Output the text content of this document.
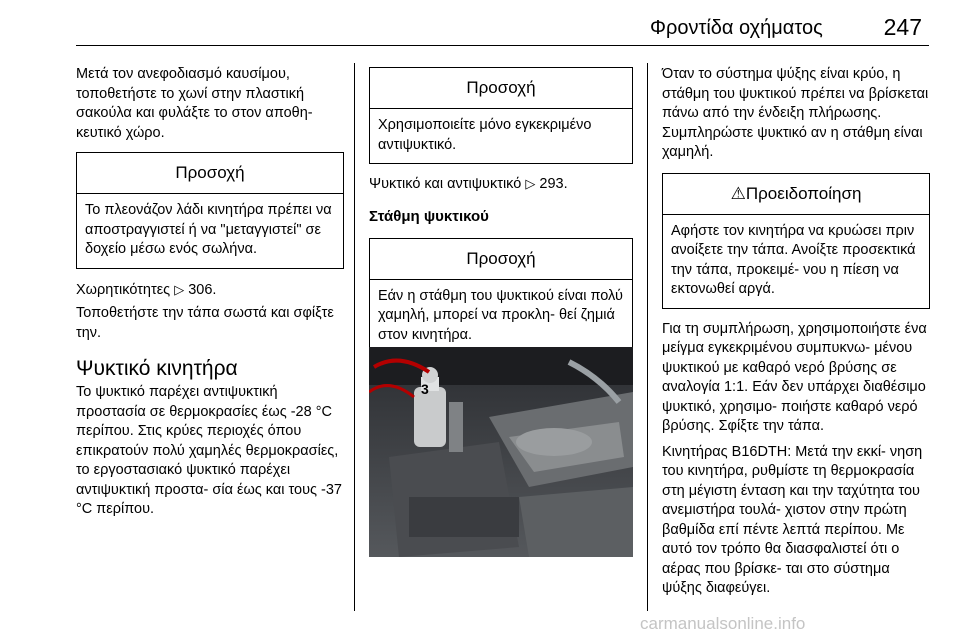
Φροντίδα οχήματος	247

Μετά τον ανεφοδιασμό καυσίμου, τοποθετήστε το χωνί στην πλαστική σακούλα και φυλάξτε το στον αποθη- κευτικό χώρο.

Προσοχή
Το πλεονάζον λάδι κινητήρα πρέπει να αποστραγγιστεί ή να "μεταγγιστεί" σε δοχείο μέσω ενός σωλήνα.

Χωρητικότητες ▷ 306.

Τοποθετήστε την τάπα σωστά και σφίξτε την.

Ψυκτικό κινητήρα

Το ψυκτικό παρέχει αντιψυκτική προστασία σε θερμοκρασίες έως -28 °C περίπου. Στις κρύες περιοχές όπου επικρατούν πολύ χαμηλές θερμοκρασίες, το εργοστασιακό ψυκτικό παρέχει αντιψυκτική προστα- σία έως και τους -37 °C περίπου.

Προσοχή
Χρησιμοποιείτε μόνο εγκεκριμένο αντιψυκτικό.

Ψυκτικό και αντιψυκτικό ▷ 293.

Στάθμη ψυκτικού
Προσοχή
Εάν η στάθμη του ψυκτικού είναι πολύ χαμηλή, μπορεί να προκλη- θεί ζημιά στον κινητήρα.
3

Όταν το σύστημα ψύξης είναι κρύο, η στάθμη του ψυκτικού πρέπει να βρίσκεται πάνω από την ένδειξη πλήρωσης. Συμπληρώστε ψυκτικό αν η στάθμη είναι χαμηλή.

⚠Προειδοποίηση
Αφήστε τον κινητήρα να κρυώσει πριν ανοίξετε την τάπα. Ανοίξτε προσεκτικά την τάπα, προκειμέ- νου η πίεση να εκτονωθεί αργά.

Για τη συμπλήρωση, χρησιμοποιήστε ένα μείγμα εγκεκριμένου συμπυκνω- μένου ψυκτικού με καθαρό νερό βρύσης σε αναλογία 1:1. Εάν δεν υπάρχει διαθέσιμο ψυκτικό, χρησιμο- ποιήστε καθαρό νερό βρύσης. Σφίξτε την τάπα.

Κινητήρας B16DTH: Μετά την εκκί- νηση του κινητήρα, ρυθμίστε τη θερμοκρασία στη μέγιστη ένταση και την ταχύτητα του ανεμιστήρα τουλά- χιστον στην πρώτη βαθμίδα επί πέντε λεπτά περίπου. Με αυτό τον τρόπο θα διασφαλιστεί ότι ο αέρας που βρίσκε- ται στο σύστημα ψύξης διαφεύγει.

carmanualsonline.info
